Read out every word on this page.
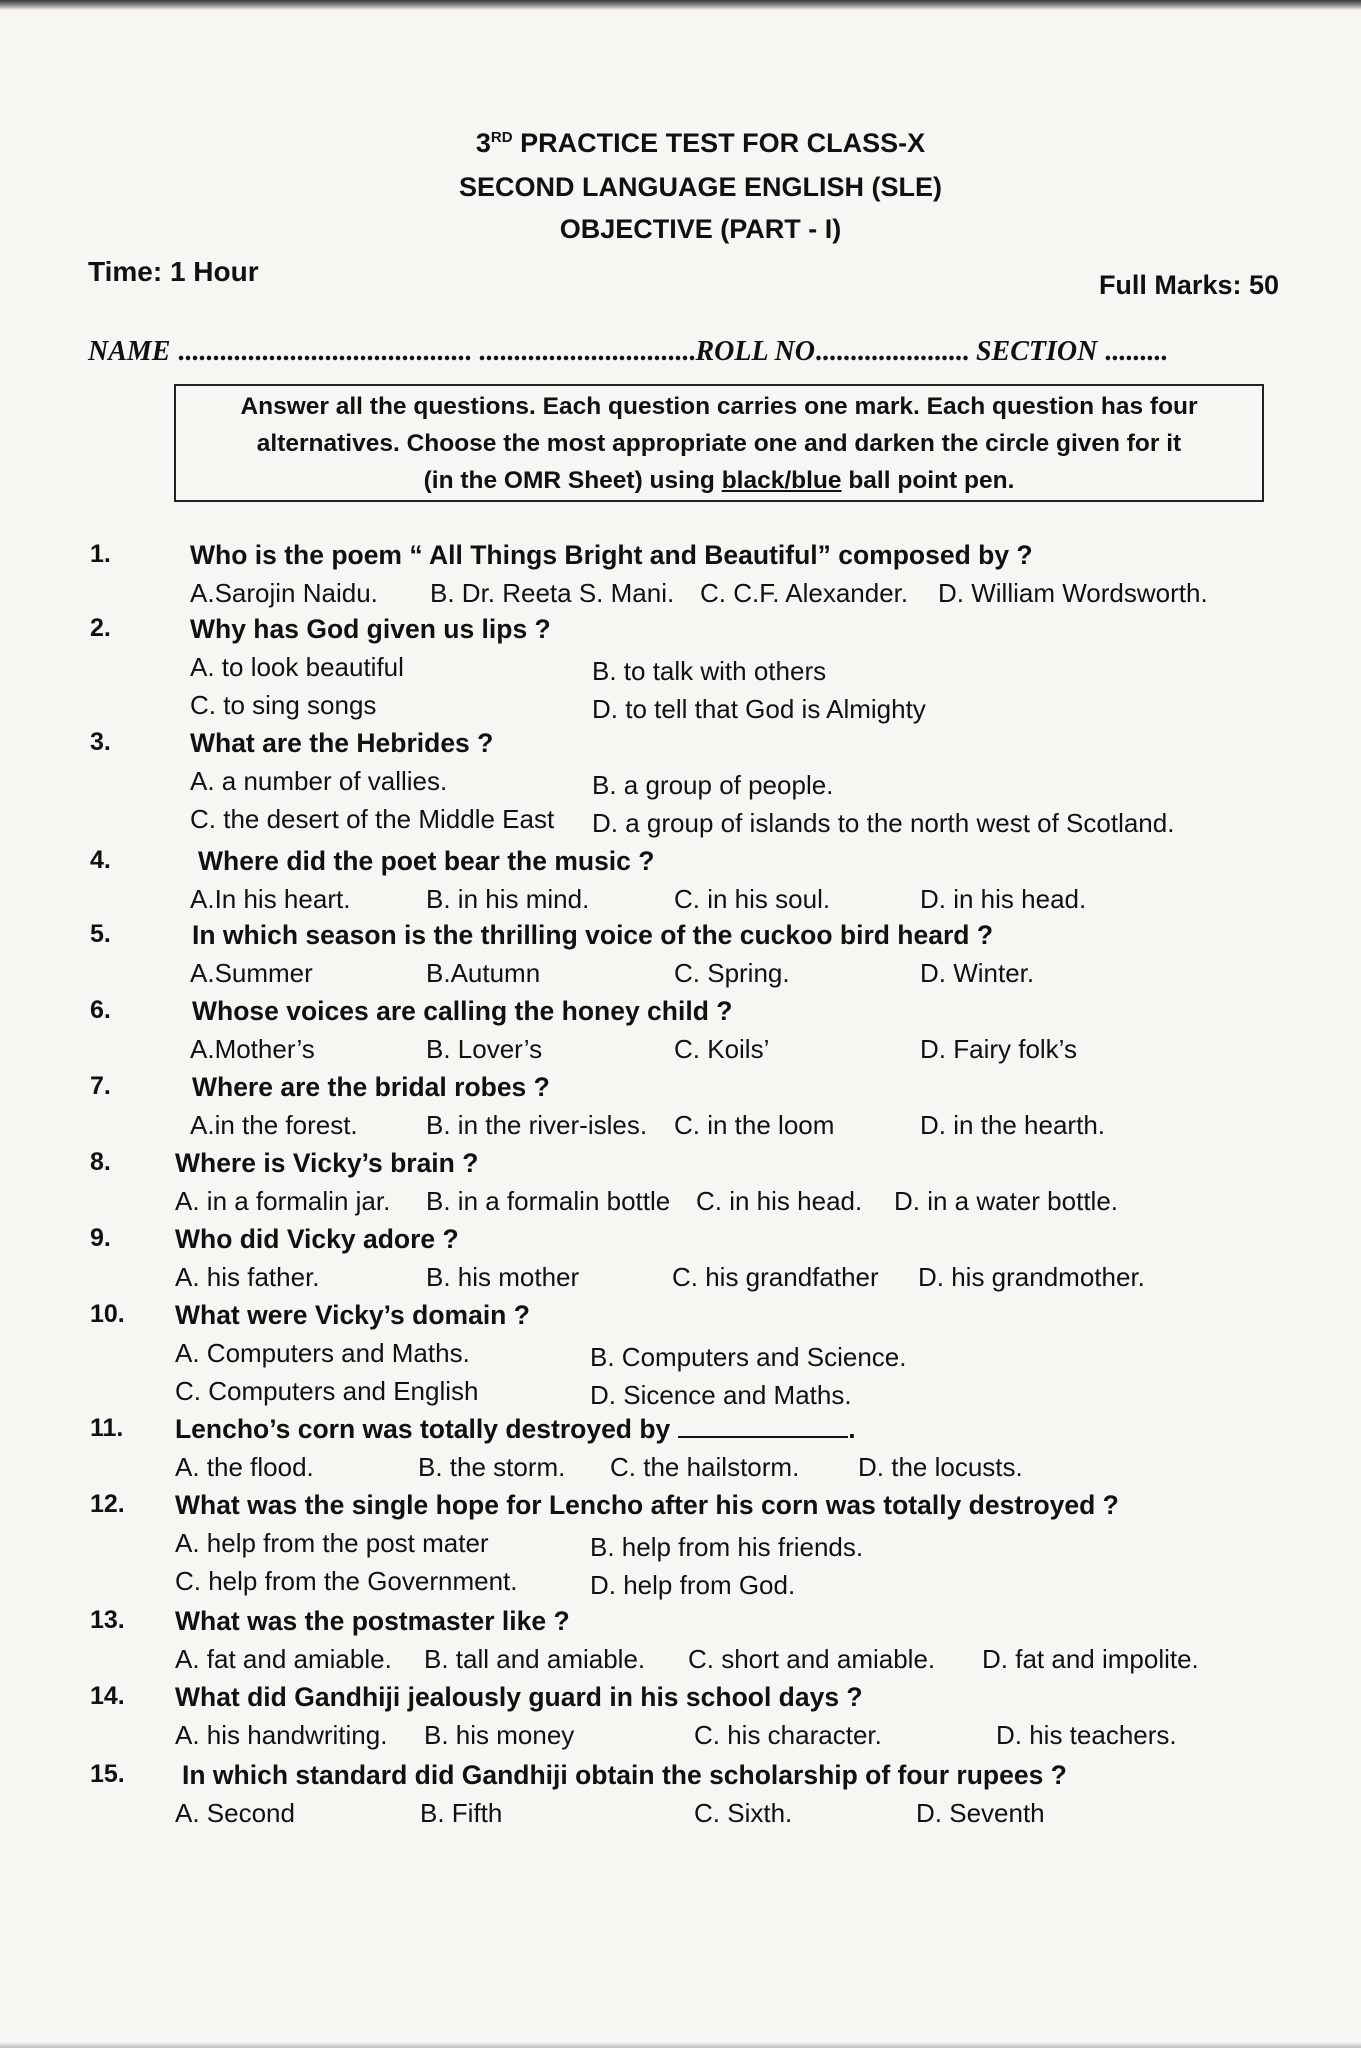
3RD PRACTICE TEST FOR CLASS-X
SECOND LANGUAGE ENGLISH (SLE)
OBJECTIVE (PART - I)
Time: 1 Hour	Full Marks: 50
NAME .......................................... ...............................ROLL NO...................... SECTION .........
Answer all the questions. Each question carries one mark. Each question has four
alternatives. Choose the most appropriate one and darken the circle given for it
(in the OMR Sheet) using black/blue ball point pen.
1.	Who is the poem “ All Things Bright and Beautiful” composed by ?
A.Sarojin Naidu. B. Dr. Reeta S. Mani. C. C.F. Alexander. D. William Wordsworth.
2.	Why has God given us lips ?
A. to look beautiful	B. to talk with others
C. to sing songs	D. to tell that God is Almighty
3.	What are the Hebrides ?
A. a number of vallies.	B. a group of people.
C. the desert of the Middle East D. a group of islands to the north west of Scotland.
4.	Where did the poet bear the music ?
A.In his heart.	B. in his mind.	C. in his soul.	D. in his head.
5.	In which season is the thrilling voice of the cuckoo bird heard ?
A.Summer	B.Autumn	C. Spring.	D. Winter.
6.	Whose voices are calling the honey child ?
A.Mother’s	B. Lover’s	C. Koils’	D. Fairy folk’s
7.	Where are the bridal robes ?
A.in the forest.	B. in the river-isles. C. in the loom	D. in the hearth.
8. Where is Vicky’s brain ?
A. in a formalin jar. B. in a formalin bottle C. in his head. D. in a water bottle.
9. Who did Vicky adore ?
A. his father.	B. his mother	C. his grandfather D. his grandmother.
10. What were Vicky’s domain ?
A. Computers and Maths.	B. Computers and Science.
C. Computers and English	D. Sicence and Maths.
11. Lencho’s corn was totally destroyed by	.
A. the flood.	B. the storm. C. the hailstorm. D. the locusts.
12. What was the single hope for Lencho after his corn was totally destroyed ?
A. help from the post mater	B. help from his friends.
C. help from the Government.	D. help from God.
13. What was the postmaster like ?
A. fat and amiable. B. tall and amiable. C. short and amiable. D. fat and impolite.
14. What did Gandhiji jealously guard in his school days ?
A. his handwriting. B. his money	C. his character.	D. his teachers.
15. In which standard did Gandhiji obtain the scholarship of four rupees ?
A. Second	B. Fifth	C. Sixth.	D. Seventh
